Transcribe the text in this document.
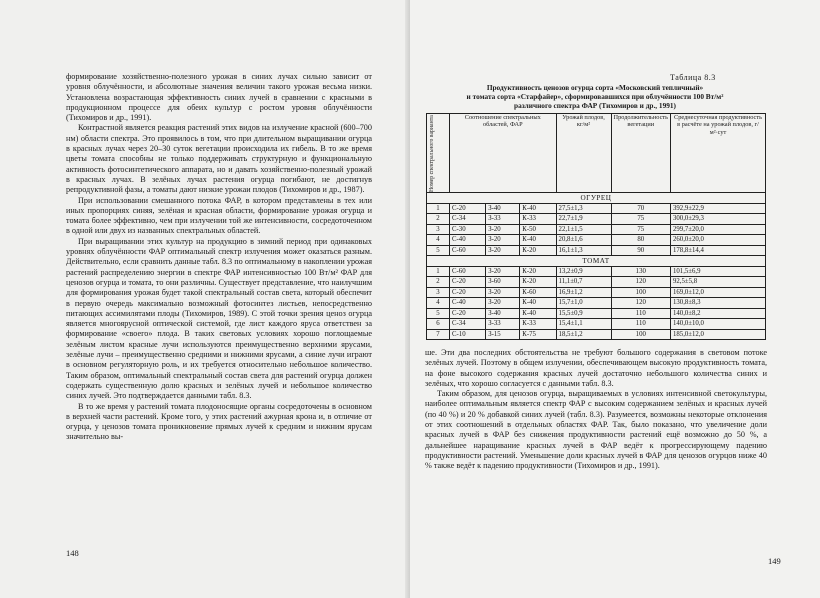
формирование хозяйственно-полезного урожая в синих лучах сильно зависит от уровня облучённости, и абсолютные значения величин такого урожая весьма низки. Установлена возрастающая эффективность синих лучей в сравнении с красными в продукционном процессе для обеих культур с ростом уровня облучённости (Тихомиров и др., 1991).

Контрастной является реакция растений этих видов на излучение красной (600–700 нм) области спектра. Это проявилось в том, что при длительном выращивании огурца в красных лучах через 20–30 суток вегетации происходила их гибель. В то же время цветы томата способны не только поддерживать структурную и функциональную активность фотосинтетического аппарата, но и давать хозяйственно-полезный урожай в красных лучах. В зелёных лучах растения огурца погибают, не достигнув репродуктивной фазы, а томаты дают низкие урожаи плодов (Тихомиров и др., 1987).

При использовании смешанного потока ФАР, в котором представлены в тех или иных пропорциях синяя, зелёная и красная области, формирование урожая огурца и томата более эффективно, чем при излучении той же интенсивности, сосредоточенном в одной или двух из названных спектральных областей.

При выращивании этих культур на продукцию в зимний период при одинаковых уровнях облучённости ФАР оптимальный спектр излучения может оказаться разным. Действительно, если сравнить данные табл. 8.3 по оптимальному в накоплении урожая растений распределению энергии в спектре ФАР интенсивностью 100 Вт/м² ФАР для ценозов огурца и томата, то они различны. Существует представление, что наилучшим для формирования урожая будет такой спектральный состав света, который обеспечит в первую очередь максимально возможный фотосинтез листьев, непосредственно питающих ассимилятами плоды (Тихомиров, 1989). С этой точки зрения ценоз огурца является многоярусной оптической системой, где лист каждого яруса ответствен за формирование «своего» плода. В таких световых условиях хорошо поглощаемые зелёным листом красные лучи используются преимущественно верхними ярусами, зелёные лучи – преимущественно средними и нижними ярусами, а синие лучи играют в основном регуляторную роль, и их требуется относительно небольшое количество. Таким образом, оптимальный спектральный состав света для растений огурца должен содержать существенную долю красных и зелёных лучей и небольшое количество синих лучей. Это подтверждается данными табл. 8.3.

В то же время у растений томата плодоносящие органы сосредоточены в основном в верхней части растений. Кроме того, у этих растений ажурная крона и, в отличие от огурца, у ценозов томата проникновение прямых лучей к средним и нижним ярусам значительно вы-

148
Таблица 8.3
Продуктивность ценозов огурца сорта «Московский тепличный»
и томата сорта «Старфайер», сформировавшихся при облучённости 100 Вт/м²
различного спектра ФАР (Тихомиров и др., 1991)
Номер спектрального варианта	Соотношение спектральных областей, ФАР			Урожай плодов, кг/м²	Продолжительность вегетации	Среднесуточная продуктивность в расчёте на урожай плодов, г/м²·сут
ОГУРЕЦ						
1	С-20	З-40	К-40	27,5±1,3	70	392,9±22,9
2	С-34	З-33	К-33	22,7±1,9	75	300,0±29,3
3	С-30	З-20	К-50	22,1±1,5	75	299,7±20,0
4	С-40	З-20	К-40	20,8±1,6	80	260,0±20,0
5	С-60	З-20	К-20	16,1±1,3	90	178,8±14,4
ТОМАТ						
1	С-60	З-20	К-20	13,2±0,9	130	101,5±6,9
2	С-20	З-60	К-20	11,1±0,7	120	92,5±5,8
3	С-20	З-20	К-60	16,9±1,2	100	169,0±12,0
4	С-40	З-20	К-40	15,7±1,0	120	130,8±8,3
5	С-20	З-40	К-40	15,5±0,9	110	140,0±8,2
6	С-34	З-33	К-33	15,4±1,1	110	140,0±10,0
7	С-10	З-15	К-75	18,5±1,2	100	185,0±12,0

ше. Эти два последних обстоятельства не требуют большого содержания в световом потоке зелёных лучей. Поэтому в общем излучении, обеспечивающем высокую продуктивность томата, на фоне высокого содержания красных лучей достаточно небольшого количества синих и зелёных, что хорошо согласуется с данными табл. 8.3.

Таким образом, для ценозов огурца, выращиваемых в условиях интенсивной светокультуры, наиболее оптимальным является спектр ФАР с высоким содержанием зелёных и красных лучей (по 40 %) и 20 % добавкой синих лучей (табл. 8.3). Разумеется, возможны некоторые отклонения от этих соотношений в отдельных областях ФАР. Так, было показано, что увеличение доли красных лучей в ФАР без снижения продуктивности растений ещё возможно до 50 %, а дальнейшее наращивание красных лучей в ФАР ведёт к прогрессирующему падению продуктивности растений. Уменьшение доли красных лучей в ФАР для ценозов огурцов ниже 40 % также ведёт к падению продуктивности (Тихомиров и др., 1991).

149
